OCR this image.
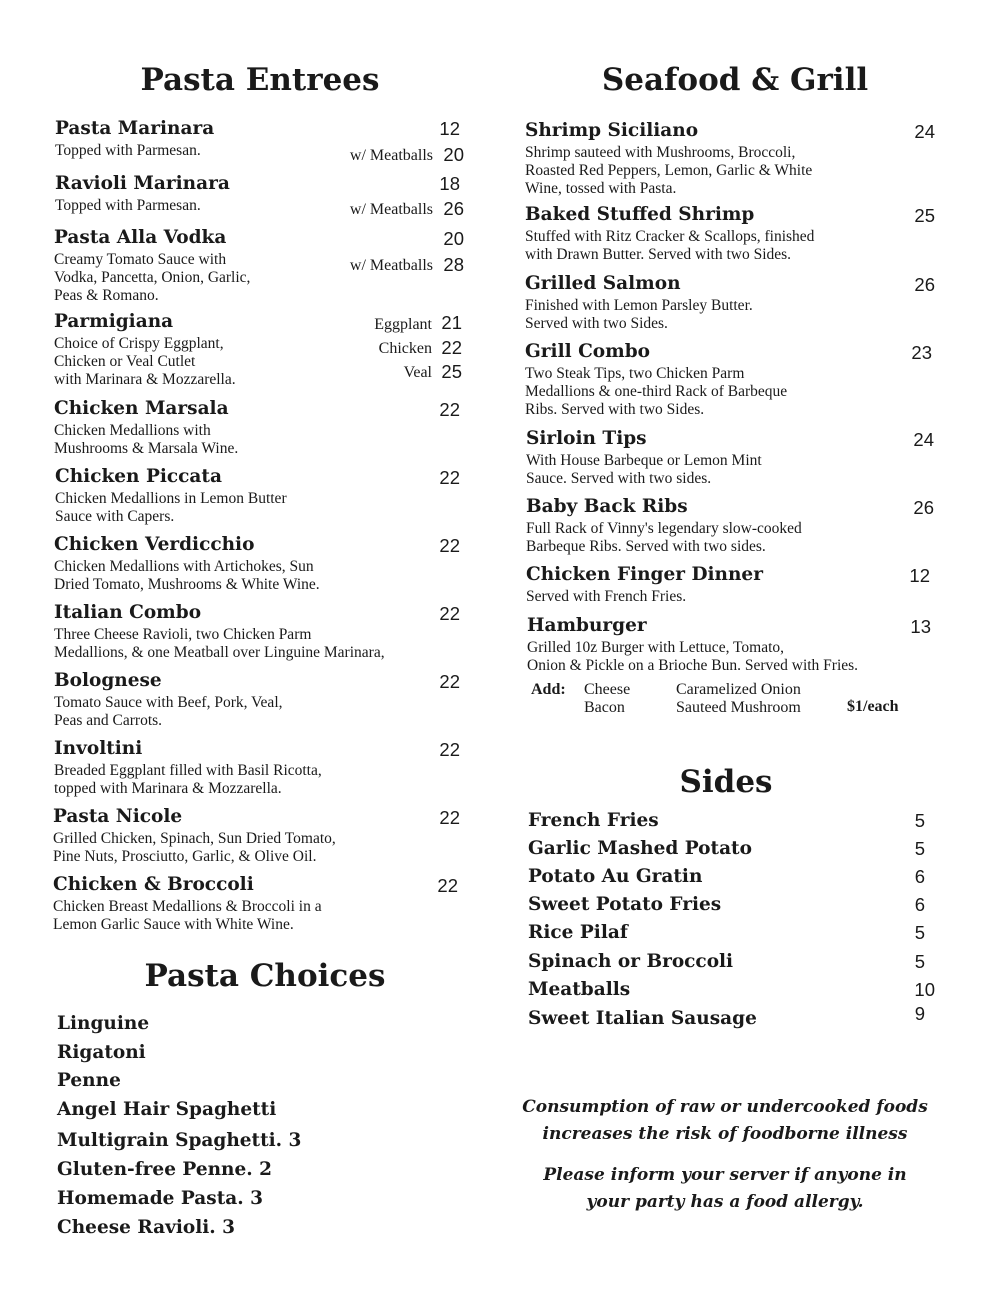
Pasta Entrees
Pasta Marinara
Topped with Parmesan.
12
w/ Meatballs 20
Ravioli Marinara
Topped with Parmesan.
18
w/ Meatballs 26
Pasta Alla Vodka
Creamy Tomato Sauce with
Vodka, Pancetta, Onion, Garlic,
Peas & Romano.
20
w/ Meatballs 28
Parmigiana
Choice of Crispy Eggplant,
Chicken or Veal Cutlet
with Marinara & Mozzarella.
Eggplant 21
Chicken 22
Veal 25
Chicken Marsala
Chicken Medallions with
Mushrooms & Marsala Wine.
22
Chicken Piccata
Chicken Medallions in Lemon Butter
Sauce with Capers.
22
Chicken Verdicchio
Chicken Medallions with Artichokes, Sun
Dried Tomato, Mushrooms & White Wine.
22
Italian Combo
Three Cheese Ravioli, two Chicken Parm
Medallions, & one Meatball over Linguine Marinara,
22
Bolognese
Tomato Sauce with Beef, Pork, Veal,
Peas and Carrots.
22
Involtini
Breaded Eggplant filled with Basil Ricotta,
topped with Marinara & Mozzarella.
22
Pasta Nicole
Grilled Chicken, Spinach, Sun Dried Tomato,
Pine Nuts, Prosciutto, Garlic, & Olive Oil.
22
Chicken & Broccoli
Chicken Breast Medallions & Broccoli in a
Lemon Garlic Sauce with White Wine.
22
Pasta Choices
Linguine
Rigatoni
Penne
Angel Hair Spaghetti
Multigrain Spaghetti. 3
Gluten-free Penne. 2
Homemade Pasta. 3
Cheese Ravioli. 3
Seafood & Grill
Shrimp Siciliano
Shrimp sauteed with Mushrooms, Broccoli,
Roasted Red Peppers, Lemon, Garlic & White
Wine, tossed with Pasta.
24
Baked Stuffed Shrimp
Stuffed with Ritz Cracker & Scallops, finished
with Drawn Butter. Served with two Sides.
25
Grilled Salmon
Finished with Lemon Parsley Butter.
Served with two Sides.
26
Grill Combo
Two Steak Tips, two Chicken Parm
Medallions & one-third Rack of Barbeque
Ribs. Served with two Sides.
23
Sirloin Tips
With House Barbeque or Lemon Mint
Sauce. Served with two sides.
24
Baby Back Ribs
Full Rack of Vinny's legendary slow-cooked
Barbeque Ribs. Served with two sides.
26
Chicken Finger Dinner
Served with French Fries.
12
Hamburger
Grilled 10z Burger with Lettuce, Tomato,
Onion & Pickle on a Brioche Bun. Served with Fries.
13
Add: Cheese
Bacon
Caramelized Onion
Sauteed Mushroom	$1/each
Sides
French Fries	5
Garlic Mashed Potato	5
Potato Au Gratin	6
Sweet Potato Fries	6
Rice Pilaf	5
Spinach or Broccoli	5
Meatballs	10
Sweet Italian Sausage	9
Consumption of raw or undercooked foods
increases the risk of foodborne illness
Please inform your server if anyone in
your party has a food allergy.
